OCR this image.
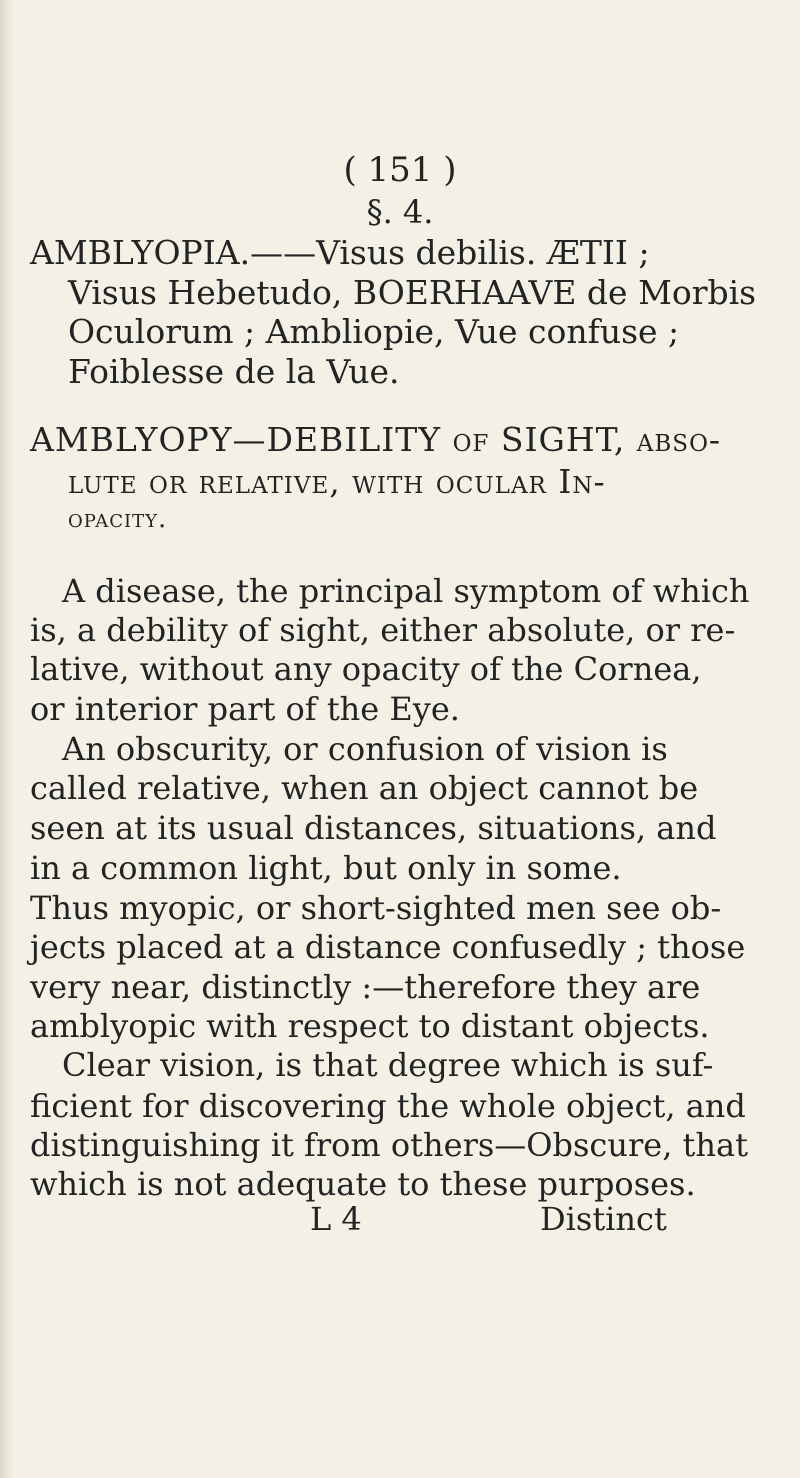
( 151 )
§. 4.
AMBLYOPIA.——Visus debilis. ÆTII ;
Visus Hebetudo, BOERHAAVE de Morbis
Oculorum ; Ambliopie, Vue confuse ;
Foiblesse de la Vue.
AMBLYOPY—DEBILITY of SIGHT, abso-
lute or relative, with ocular In-
opacity.
A disease, the principal symptom of which
is, a debility of sight, either absolute, or re-
lative, without any opacity of the Cornea,
or interior part of the Eye.
An obscurity, or confusion of vision is
called relative, when an object cannot be
seen at its usual distances, situations, and
in a common light, but only in some.
Thus myopic, or short-sighted men see ob-
jects placed at a distance confusedly ; those
very near, distinctly :—therefore they are
amblyopic with respect to distant objects.
Clear vision, is that degree which is suf-
ficient for discovering the whole object, and
distinguishing it from others—Obscure, that
which is not adequate to these purposes.
L 4	Distinct
